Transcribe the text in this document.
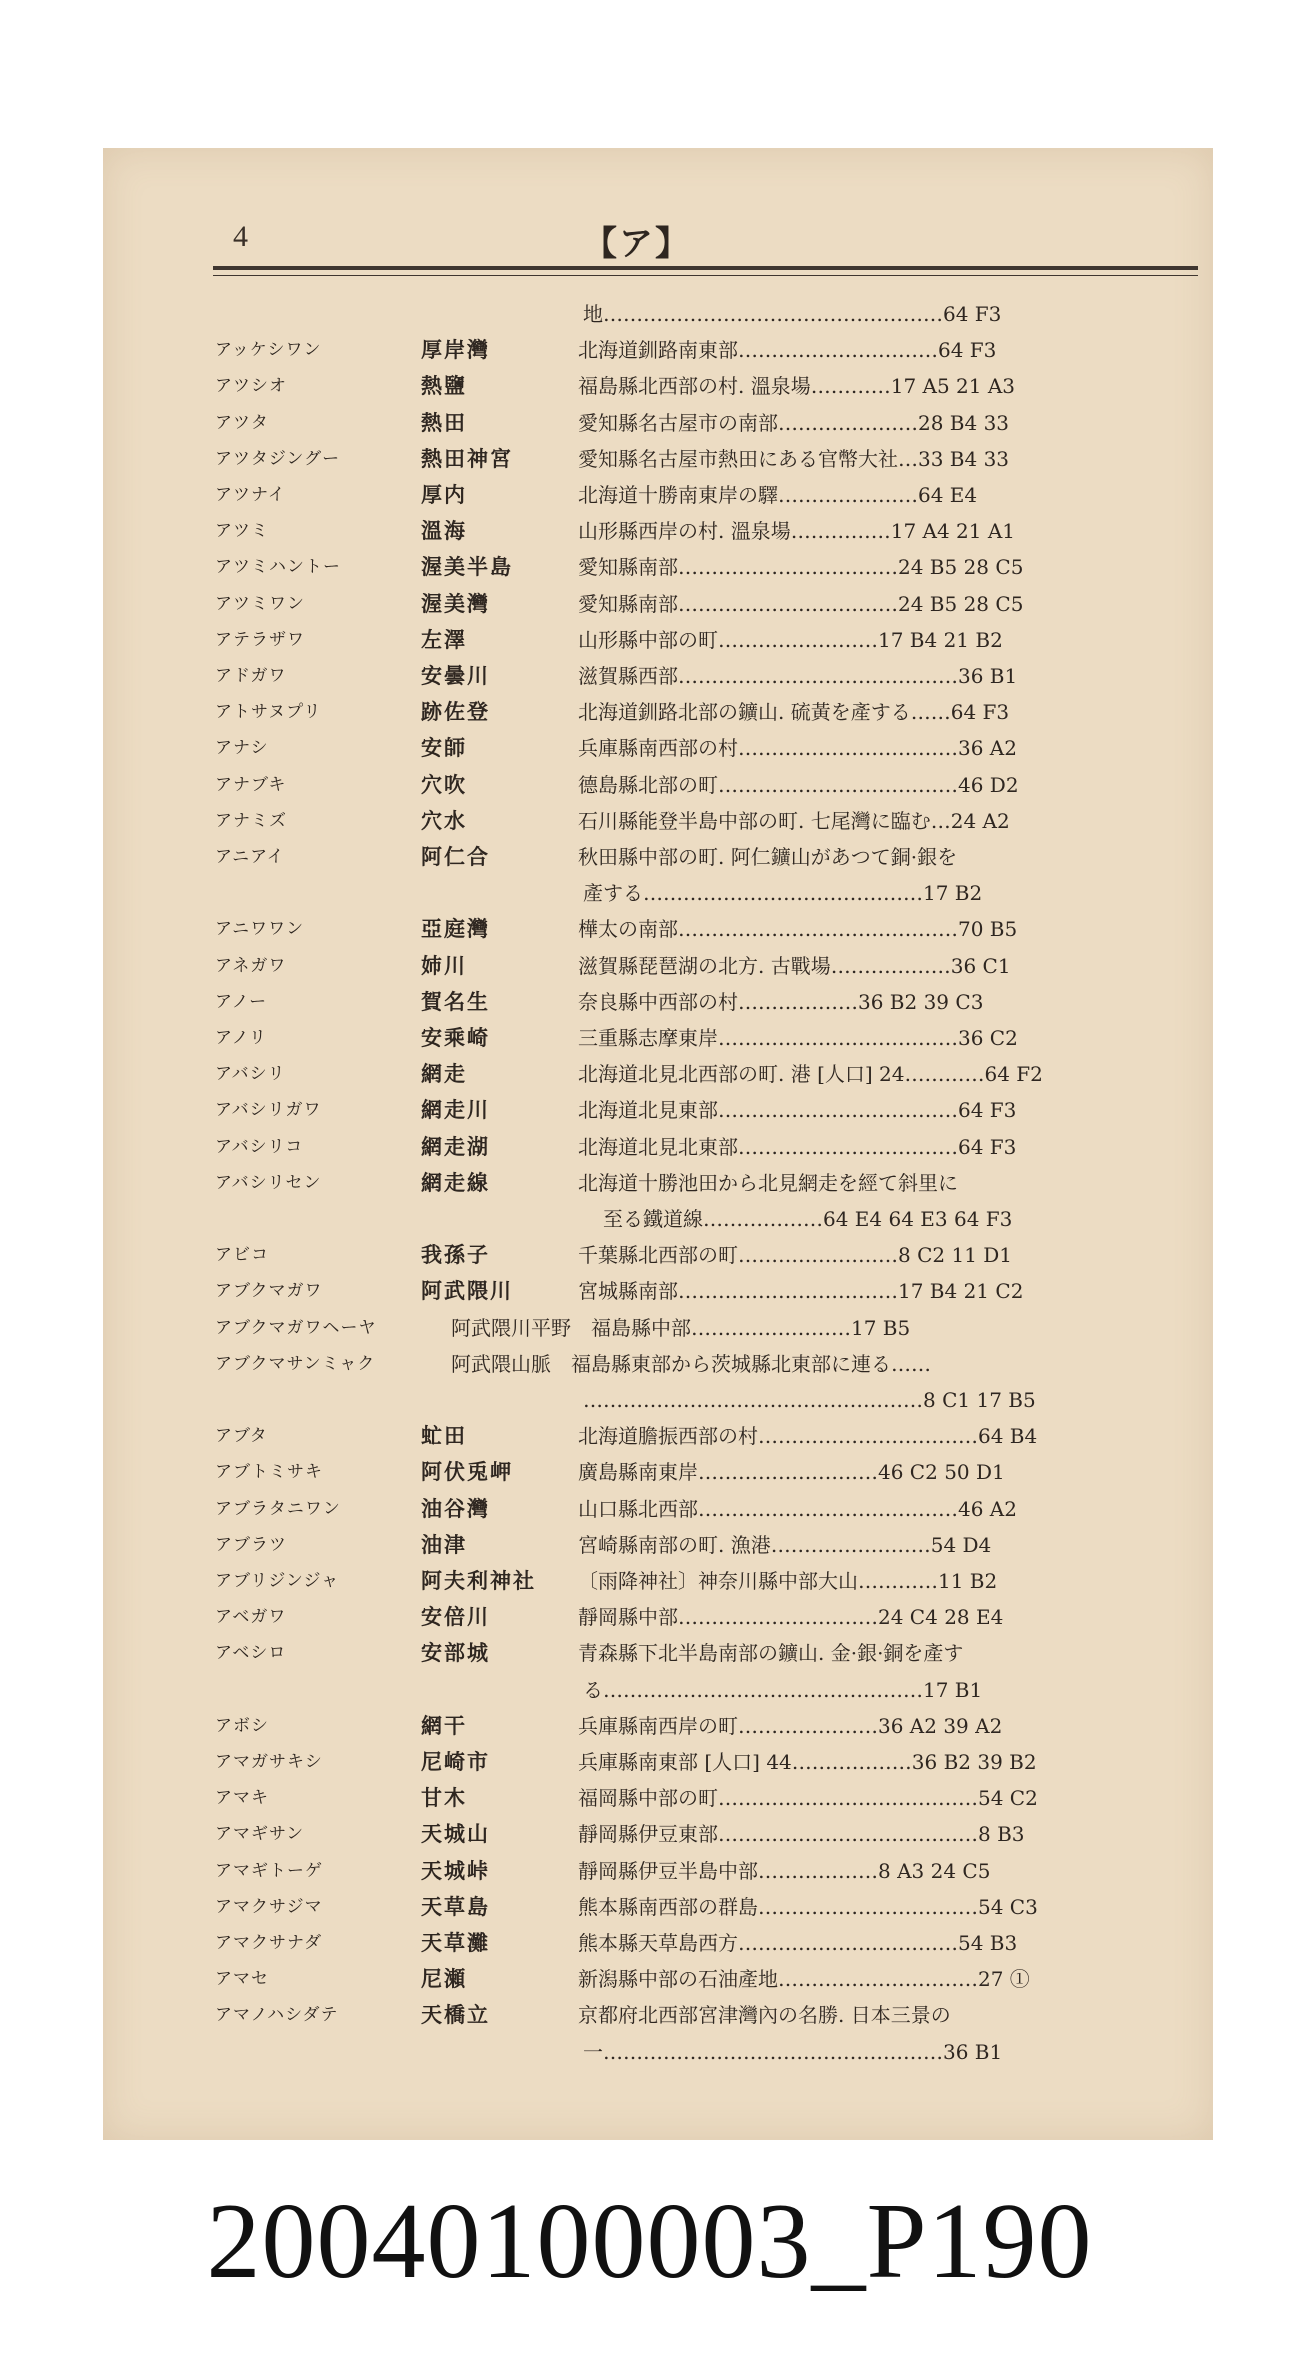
4	【ア】
地……………………………………………64 F3
アッケシワン	厚岸灣	北海道釧路南東部…………………………64 F3
アツシオ	熱鹽	福島縣北西部の村. 溫泉場…………17 A5 21 A3
アツタ	熱田	愛知縣名古屋市の南部…………………28 B4 33
アツタジングー	熱田神宮	愛知縣名古屋市熱田にある官幣大社…33 B4 33
アツナイ	厚内	北海道十勝南東岸の驛…………………64 E4
アツミ	溫海	山形縣西岸の村. 溫泉場……………17 A4 21 A1
アツミハントー	渥美半島	愛知縣南部……………………………24 B5 28 C5
アツミワン	渥美灣	愛知縣南部……………………………24 B5 28 C5
アテラザワ	左澤	山形縣中部の町……………………17 B4 21 B2
アドガワ	安曇川	滋賀縣西部……………………………………36 B1
アトサヌプリ	跡佐登	北海道釧路北部の鑛山. 硫黃を產する……64 F3
アナシ	安師	兵庫縣南西部の村……………………………36 A2
アナブキ	穴吹	德島縣北部の町………………………………46 D2
アナミズ	穴水	石川縣能登半島中部の町. 七尾灣に臨む…24 A2
アニアイ	阿仁合	秋田縣中部の町. 阿仁鑛山があつて銅·銀を
產する……………………………………17 B2
アニワワン	亞庭灣	樺太の南部……………………………………70 B5
アネガワ	姉川	滋賀縣琵琶湖の北方. 古戰場………………36 C1
アノー	賀名生	奈良縣中西部の村………………36 B2 39 C3
アノリ	安乘崎	三重縣志摩東岸………………………………36 C2
アバシリ	網走	北海道北見北西部の町. 港 [人口] 24…………64 F2
アバシリガワ	網走川	北海道北見東部………………………………64 F3
アバシリコ	網走湖	北海道北見北東部……………………………64 F3
アバシリセン	網走線	北海道十勝池田から北見網走を經て斜里に
至る鐵道線………………64 E4 64 E3 64 F3
アビコ	我孫子	千葉縣北西部の町……………………8 C2 11 D1
アブクマガワ	阿武隈川	宮城縣南部……………………………17 B4 21 C2
アブクマガワヘーヤ	阿武隈川平野　福島縣中部……………………17 B5
アブクマサンミャク	阿武隈山脈　福島縣東部から茨城縣北東部に連る……
……………………………………………8 C1 17 B5
アブタ	虻田	北海道膽振西部の村……………………………64 B4
アブトミサキ	阿伏兎岬	廣島縣南東岸………………………46 C2 50 D1
アブラタニワン	油谷灣	山口縣北西部…………………………………46 A2
アブラツ	油津	宮崎縣南部の町. 漁港……………………54 D4
アブリジンジャ	阿夫利神社	〔雨降神社〕神奈川縣中部大山…………11 B2
アベガワ	安倍川	靜岡縣中部…………………………24 C4 28 E4
アベシロ	安部城	青森縣下北半島南部の鑛山. 金·銀·銅を產す
る…………………………………………17 B1
アボシ	網干	兵庫縣南西岸の町…………………36 A2 39 A2
アマガサキシ	尼崎市	兵庫縣南東部 [人口] 44………………36 B2 39 B2
アマキ	甘木	福岡縣中部の町…………………………………54 C2
アマギサン	天城山	靜岡縣伊豆東部…………………………………8 B3
アマギトーゲ	天城峠	靜岡縣伊豆半島中部………………8 A3 24 C5
アマクサジマ	天草島	熊本縣南西部の群島……………………………54 C3
アマクサナダ	天草灘	熊本縣天草島西方……………………………54 B3
アマセ	尼瀬	新潟縣中部の石油產地…………………………27 ①
アマノハシダテ	天橋立	京都府北西部宮津灣內の名勝. 日本三景の
一……………………………………………36 B1
20040100003_P190
